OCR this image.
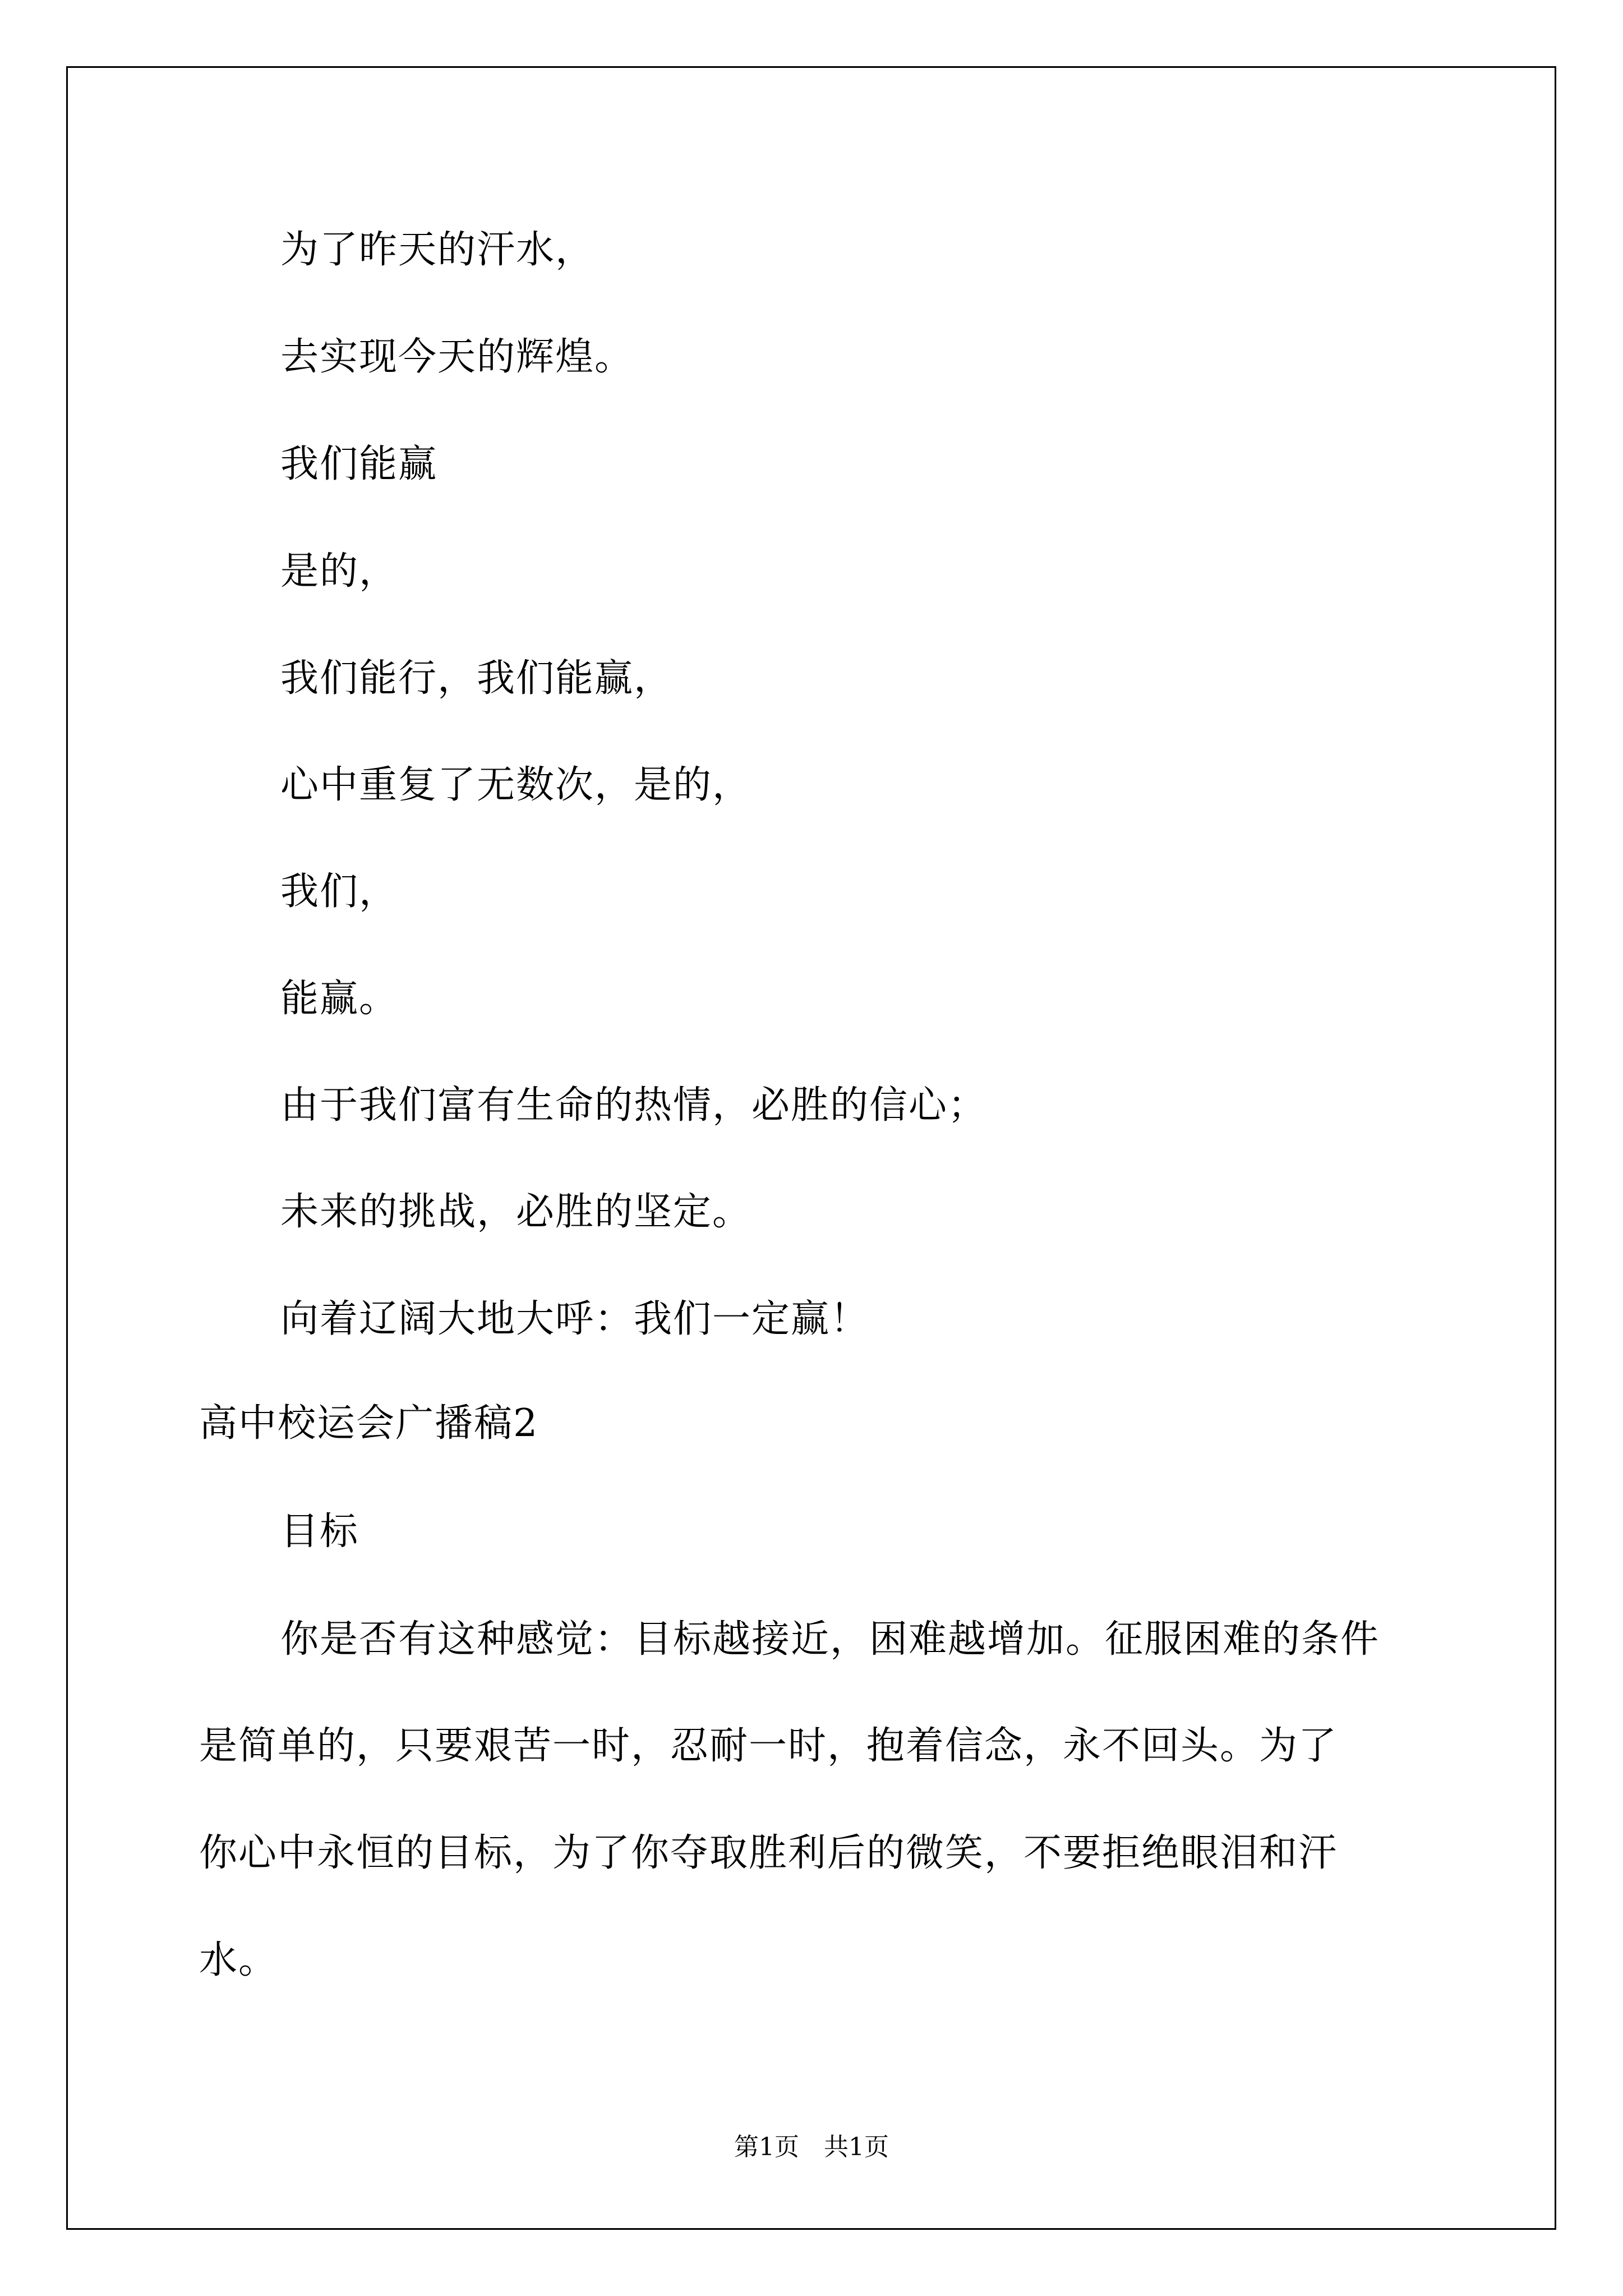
为了昨天的汗水，
去实现今天的辉煌。
我们能赢
是的，
我们能行，我们能赢，
心中重复了无数次，是的，
我们，
能赢。
由于我们富有生命的热情，必胜的信心；
未来的挑战，必胜的坚定。
向着辽阔大地大呼：我们一定赢！
高中校运会广播稿2
目标
你是否有这种感觉：目标越接近，困难越增加。征服困难的条件
是简单的，只要艰苦一时，忍耐一时，抱着信念，永不回头。为了
你心中永恒的目标，为了你夺取胜利后的微笑，不要拒绝眼泪和汗
水。
第1页　共1页
